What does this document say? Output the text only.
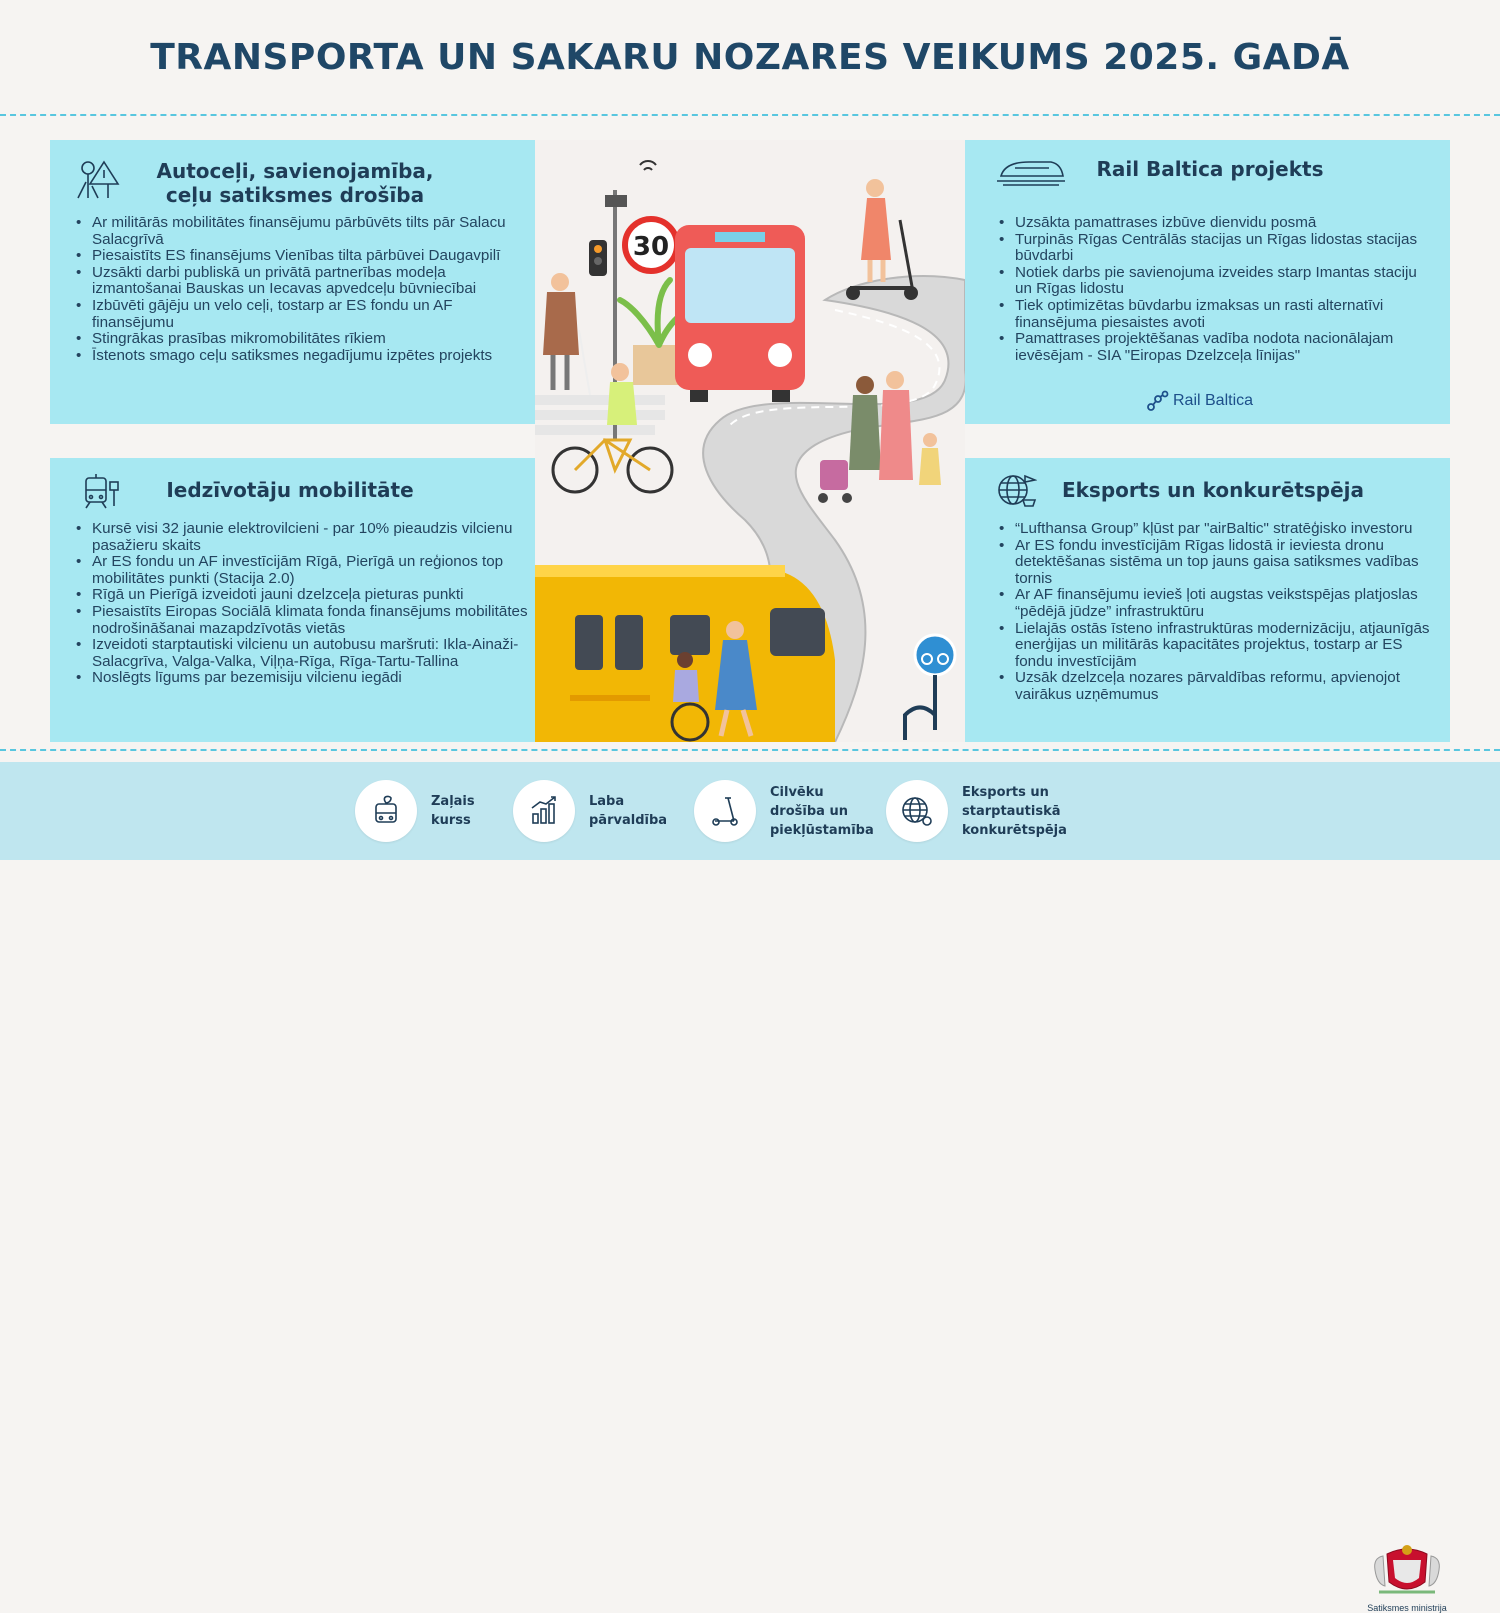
TRANSPORTA UN SAKARU NOZARES VEIKUMS 2025. GADĀ
Autoceļi, savienojamība,
ceļu satiksmes drošība
• Ar militārās mobilitātes finansējumu pārbūvēts tilts pār Salacu Salacgrīvā
• Piesaistīts ES finansējums Vienības tilta pārbūvei Daugavpilī
• Uzsākti darbi publiskā un privātā partnerības modeļa izmantošanai Bauskas un Iecavas apvedceļu būvniecībai
• Izbūvēti gājēju un velo ceļi, tostarp ar ES fondu un AF finansējumu
• Stingrākas prasības mikromobilitātes rīkiem
• Īstenots smago ceļu satiksmes negadījumu izpētes projekts
Iedzīvotāju mobilitāte
• Kursē visi 32 jaunie elektrovilcieni - par 10% pieaudzis vilcienu pasažieru skaits
• Ar ES fondu un AF investīcijām Rīgā, Pierīgā un reģionos top mobilitātes punkti (Stacija 2.0)
• Rīgā un Pierīgā izveidoti jauni dzelzceļa pieturas punkti
• Piesaistīts Eiropas Sociālā klimata fonda finansējums mobilitātes nodrošināšanai mazapdzīvotās vietās
• Izveidoti starptautiski vilcienu un autobusu maršruti: Ikla-Ainaži-Salacgrīva, Valga-Valka, Viļņa-Rīga, Rīga-Tartu-Tallina
• Noslēgts līgums par bezemisiju vilcienu iegādi
Rail Baltica projekts
• Uzsākta pamattrases izbūve dienvidu posmā
• Turpinās Rīgas Centrālās stacijas un Rīgas lidostas stacijas būvdarbi
• Notiek darbs pie savienojuma izveides starp Imantas staciju un Rīgas lidostu
• Tiek optimizētas būvdarbu izmaksas un rasti alternatīvi finansējuma piesaistes avoti
• Pamattrases projektēšanas vadība nodota nacionālajam ievēsējam - SIA "Eiropas Dzelzceļa līnijas"
Rail Baltica
Eksports un konkurētspēja
• “Lufthansa Group” kļūst par "airBaltic" stratēģisko investoru
• Ar ES fondu investīcijām Rīgas lidostā ir ieviesta dronu detektēšanas sistēma un top jauns gaisa satiksmes vadības tornis
• Ar AF finansējumu ievieš ļoti augstas veikstspējas platjoslas “pēdējā jūdze” infrastruktūru
• Lielajās ostās īsteno infrastruktūras modernizāciju, atjaunīgās enerģijas un militārās kapacitātes projektus, tostarp ar ES fondu investīcijām
• Uzsāk dzelzceļa nozares pārvaldības reformu, apvienojot vairākus uzņēmumus
30
Zaļais
kurss
Laba
pārvaldība
Cilvēku
drošība un
piekļūstamība
Eksports un
starptautiskā
konkurētspēja
Satiksmes ministrija
